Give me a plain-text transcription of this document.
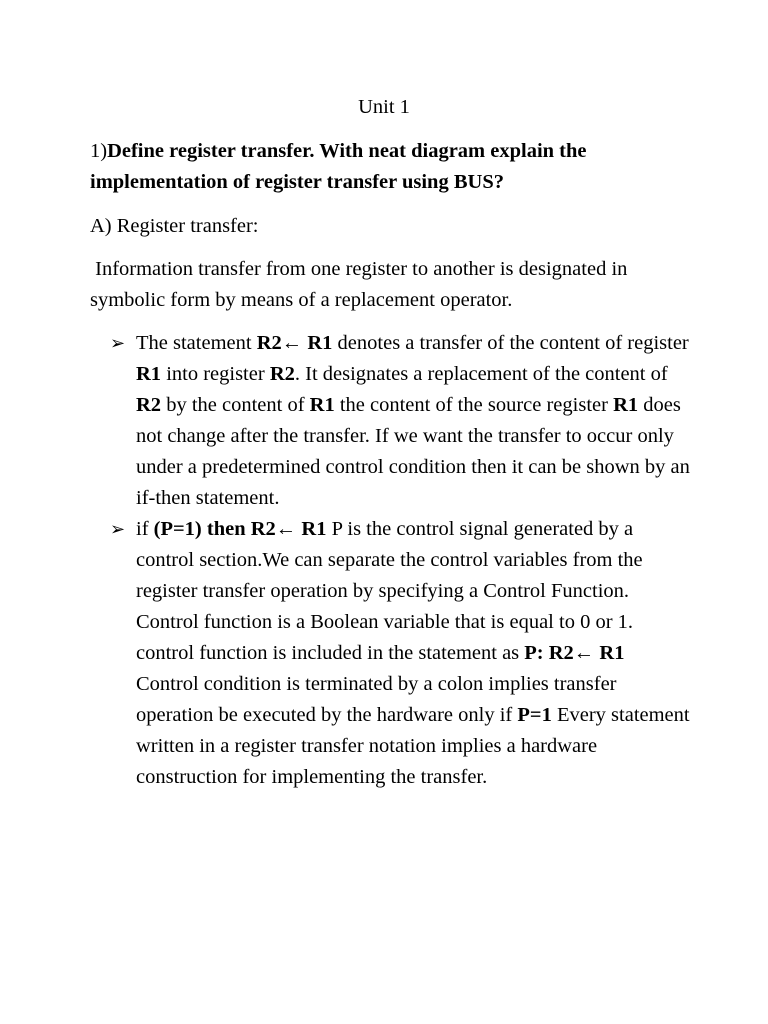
Unit 1
1)Define register transfer. With neat diagram explain the implementation of register transfer using BUS?
A) Register transfer:
Information transfer from one register to another is designated in symbolic form by means of a replacement operator.
➢ The statement R2← R1 denotes a transfer of the content of register R1 into register R2. It designates a replacement of the content of R2 by the content of R1 the content of the source register R1 does not change after the transfer. If we want the transfer to occur only under a predetermined control condition then it can be shown by an if-then statement.
➢ if (P=1) then R2← R1 P is the control signal generated by a control section.We can separate the control variables from the register transfer operation by specifying a Control Function. Control function is a Boolean variable that is equal to 0 or 1. control function is included in the statement as P: R2← R1 Control condition is terminated by a colon implies transfer operation be executed by the hardware only if P=1 Every statement written in a register transfer notation implies a hardware construction for implementing the transfer.
